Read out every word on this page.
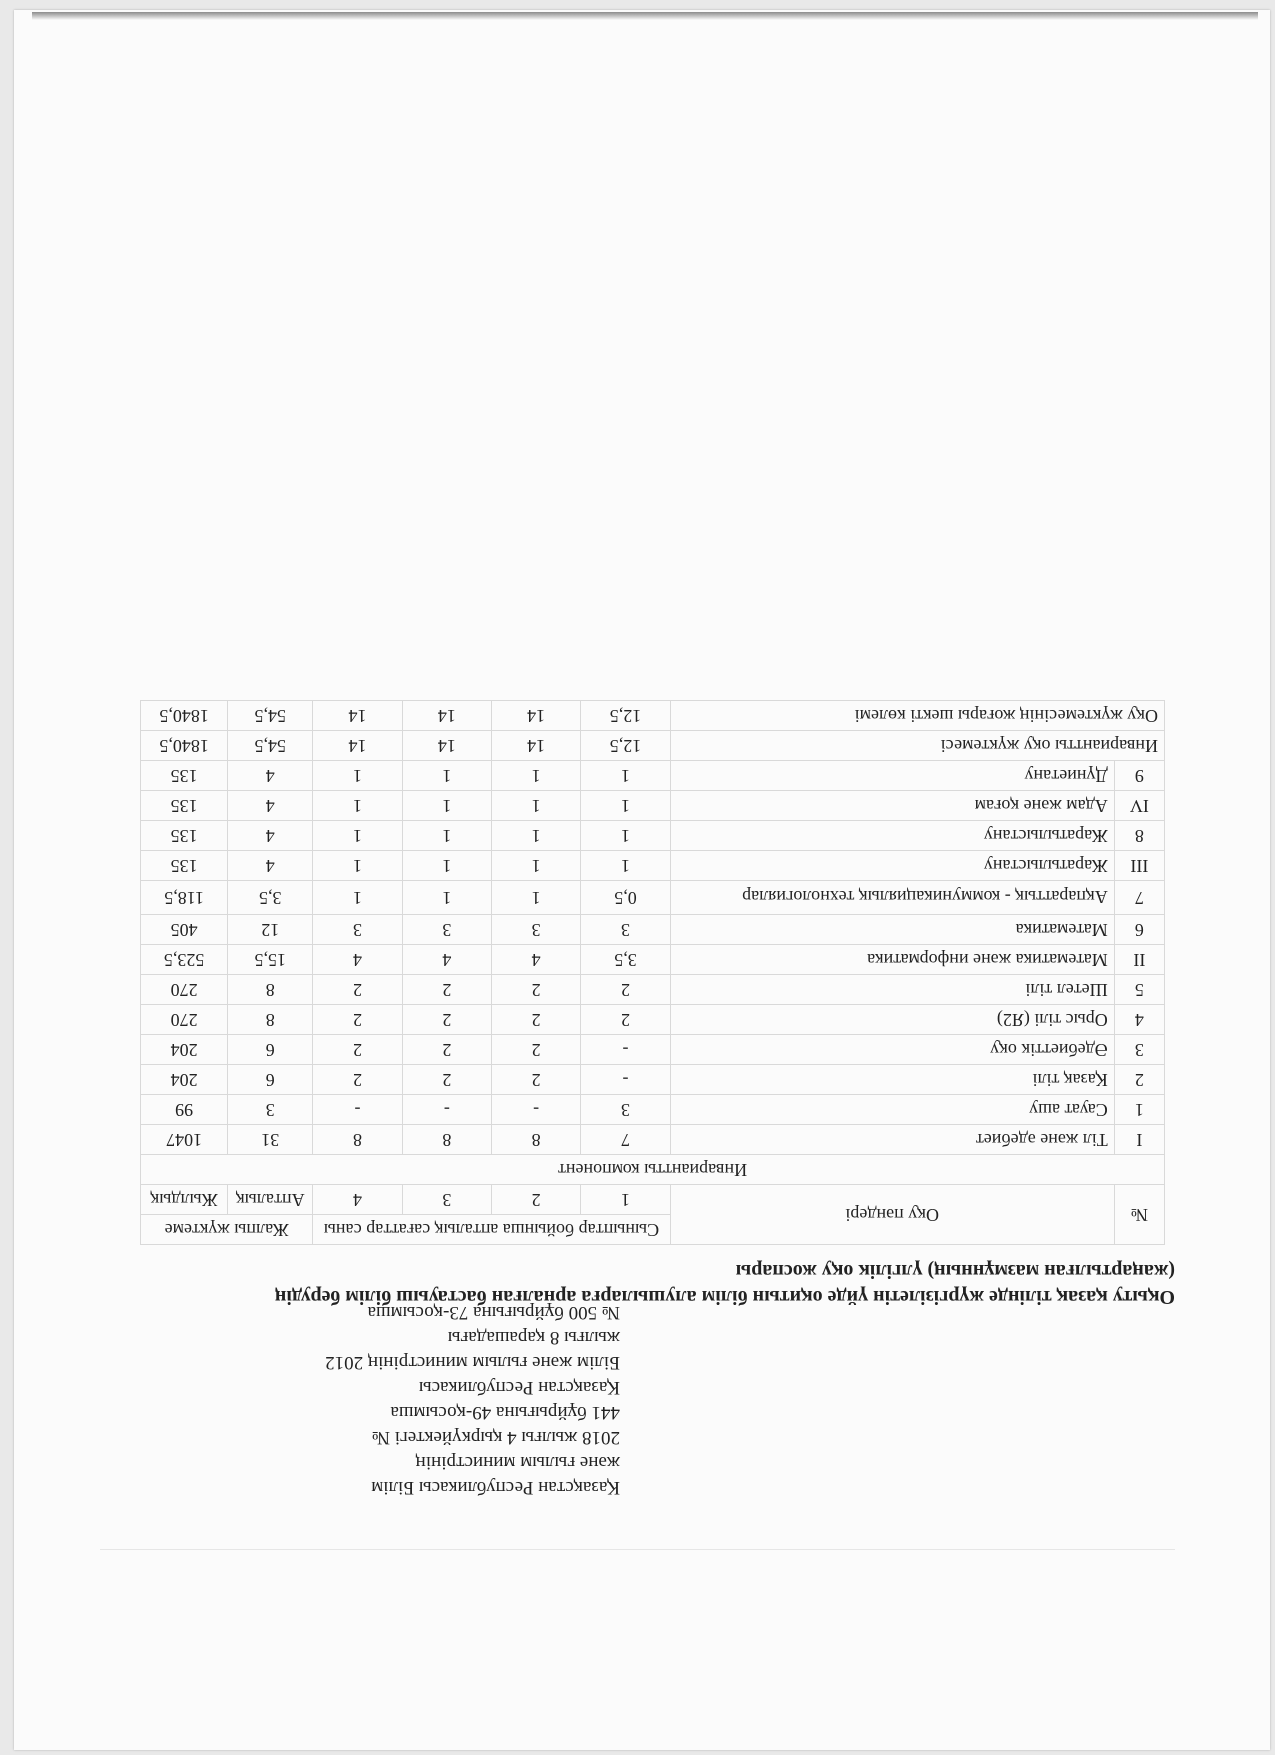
Қазақстан Республикасы Білім
және ғылым министрінің
2018 жылғы 4 қыркүйектегі №
441 бұйрығына 49-қосымша
Қазақстан Республикасы
Білім және ғылым министрінің 2012
жылғы 8 қарашадағы
№ 500 бұйрығына 73-қосымша
Оқыту қазақ тілінде жүргізілетін үйде оқитын білім алушыларға арналған бастауыш білім берудің (жаңартылған мазмұнның) үлгілік оқу жоспары
№	Оқу пәндері	Сыныптар бойынша апталық сағаттар саны				Жалпы жүктеме	
		1	2	3	4	Апталық	Жылдық
Инвариантты компонент							
I	Тіл және әдебиет	7	8	8	8	31	1047
1	Сауат ашу	3	-	-	-	3	99
2	Қазақ тілі	-	2	2	2	6	204
3	Әдебиеттік оқу	-	2	2	2	6	204
4	Орыс тілі (Я2)	2	2	2	2	8	270
5	Шетел тілі	2	2	2	2	8	270
II	Математика және информатика	3,5	4	4	4	15,5	523,5
6	Математика	3	3	3	3	12	405
7	Ақпараттық - коммуникациялық технологиялар	0,5	1	1	1	3,5	118,5
III	Жаратылыстану	1	1	1	1	4	135
8	Жаратылыстану	1	1	1	1	4	135
IV	Адам және қоғам	1	1	1	1	4	135
9	Дүниетану	1	1	1	1	4	135
Инвариантты оқу жүктемесі		12,5	14	14	14	54,5	1840,5
Оқу жүктемесінің жоғары шекті көлемі		12,5	14	14	14	54,5	1840,5
